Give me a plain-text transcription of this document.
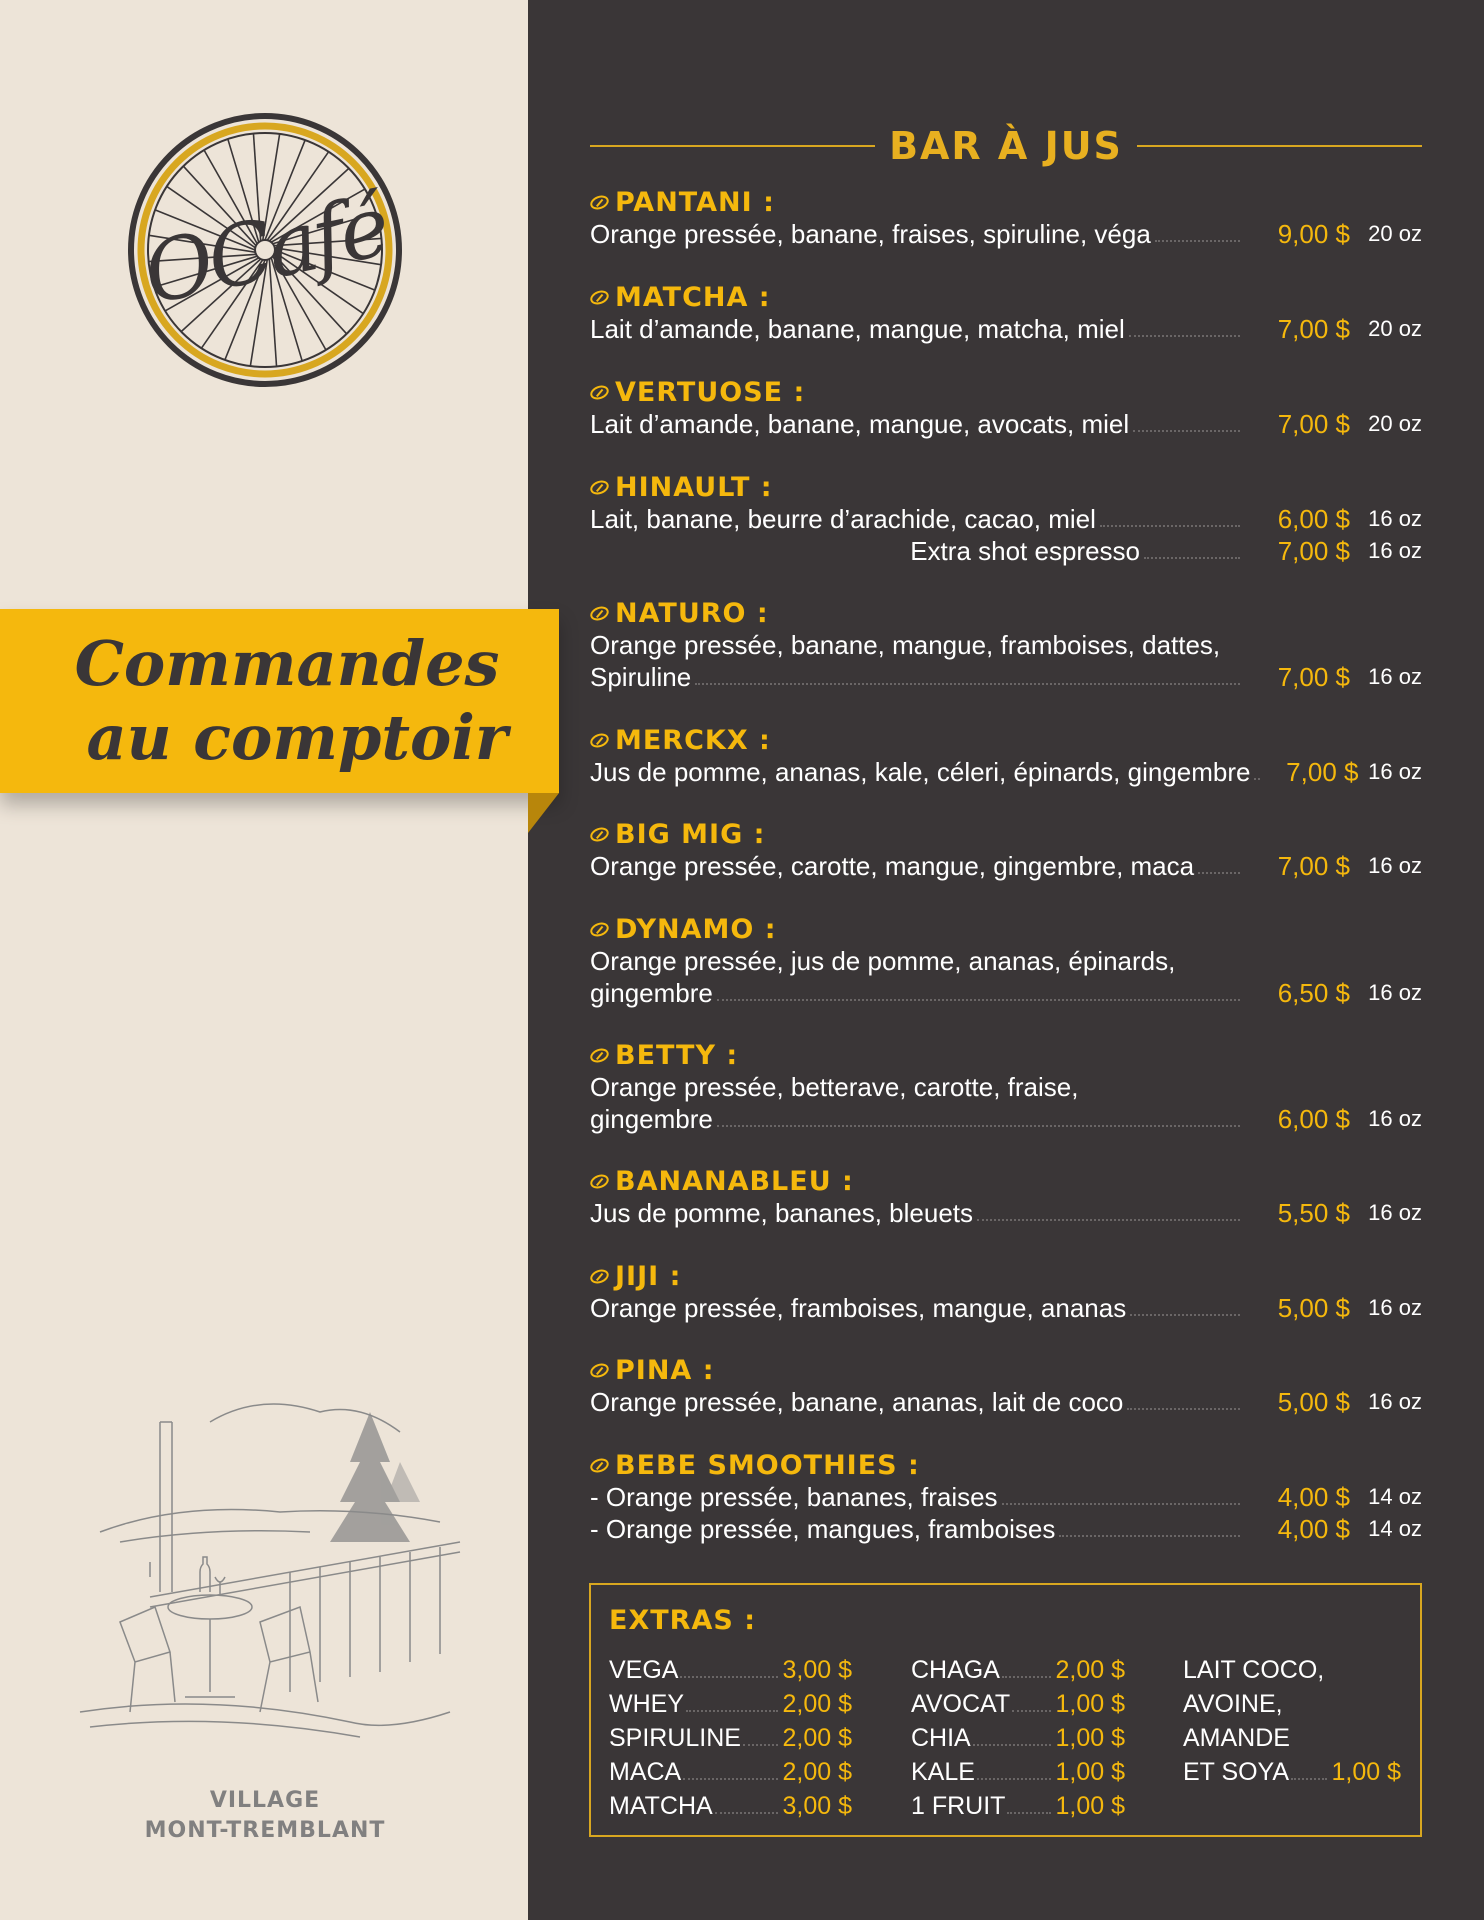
OCafé
VILLAGE
MONT-TREMBLANT
Commandes
au comptoir
BAR À JUS
PANTANI :
Orange pressée, banane, fraises, spiruline, véga	9,00 $ 20 oz
MATCHA :
Lait d’amande, banane, mangue, matcha, miel	7,00 $ 20 oz
VERTUOSE :
Lait d’amande, banane, mangue, avocats, miel	7,00 $ 20 oz
HINAULT :
Lait, banane, beurre d’arachide, cacao, miel	6,00 $ 16 oz
Extra shot espresso	7,00 $ 16 oz
NATURO :
Orange pressée, banane, mangue, framboises, dattes,
Spiruline	7,00 $ 16 oz
MERCKX :
Jus de pomme, ananas, kale, céleri, épinards, gingembre	7,00 $ 16 oz
BIG MIG :
Orange pressée, carotte, mangue, gingembre, maca	7,00 $ 16 oz
DYNAMO :
Orange pressée, jus de pomme, ananas, épinards,
gingembre	6,50 $ 16 oz
BETTY :
Orange pressée, betterave, carotte, fraise,
gingembre	6,00 $ 16 oz
BANANABLEU :
Jus de pomme, bananes, bleuets	5,50 $ 16 oz
JIJI :
Orange pressée, framboises, mangue, ananas	5,00 $ 16 oz
PINA :
Orange pressée, banane, ananas, lait de coco	5,00 $ 16 oz
BEBE SMOOTHIES :
- Orange pressée, bananes, fraises	4,00 $ 14 oz
- Orange pressée, mangues, framboises	4,00 $ 14 oz
EXTRAS :
VEGA	3,00 $
WHEY	2,00 $
SPIRULINE 2,00 $
MACA	2,00 $
MATCHA	3,00 $
CHAGA 2,00 $
AVOCAT 1,00 $
CHIA	1,00 $
KALE	1,00 $
1 FRUIT 1,00 $
LAIT COCO,
AVOINE,
AMANDE
ET SOYA 1,00 $
